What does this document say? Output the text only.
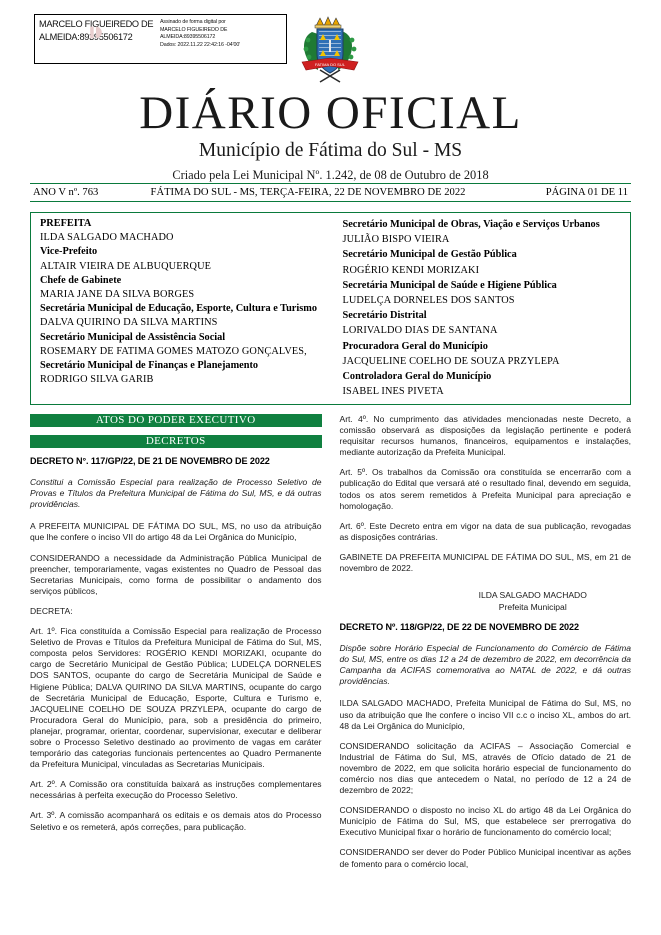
MARCELO FIGUEIREDO DE ALMEIDA:89395506172
Assinado de forma digital por
MARCELO FIGUEIREDO DE
ALMEIDA:89395506172
Dados: 2022.11.22 22:42:16 -04'00'
⁍
FATIMA DO SUL
DIÁRIO OFICIAL
Município de Fátima do Sul - MS
Criado pela Lei Municipal Nº. 1.242, de 08 de Outubro de 2018
ANO V nº. 763	FÁTIMA DO SUL - MS, TERÇA-FEIRA, 22 DE NOVEMBRO DE 2022	PÁGINA 01 DE 11
PREFEITA
ILDA SALGADO MACHADO
Vice-Prefeito
ALTAIR VIEIRA DE ALBUQUERQUE
Chefe de Gabinete
MARIA JANE DA SILVA BORGES
Secretária Municipal de Educação, Esporte, Cultura e Turismo
DALVA QUIRINO DA SILVA MARTINS
Secretário Municipal de Assistência Social
ROSEMARY DE FATIMA GOMES MATOZO GONÇALVES,
Secretário Municipal de Finanças e Planejamento
RODRIGO SILVA GARIB
Secretário Municipal de Obras, Viação e Serviços Urbanos
JULIÃO BISPO VIEIRA
Secretário Municipal de Gestão Pública
ROGÉRIO KENDI MORIZAKI
Secretária Municipal de Saúde e Higiene Pública
LUDELÇA DORNELES DOS SANTOS
Secretário Distrital
LORIVALDO DIAS DE SANTANA
Procuradora Geral do Município
JACQUELINE COELHO DE SOUZA PRZYLEPA
Controladora Geral do Município
ISABEL INES PIVETA
ATOS DO PODER EXECUTIVO
DECRETOS

DECRETO N°. 117/GP/22, DE 21 DE NOVEMBRO DE 2022

Constitui a Comissão Especial para realização de Processo Seletivo de Provas e Títulos da Prefeitura Municipal de Fátima do Sul, MS, e dá outras providências.

A PREFEITA MUNICIPAL DE FÁTIMA DO SUL, MS, no uso da atribuição que lhe confere o inciso VII do artigo 48 da Lei Orgânica do Município,

CONSIDERANDO a necessidade da Administração Pública Municipal de preencher, temporariamente, vagas existentes no Quadro de Pessoal das Secretarias Municipais, como forma de possibilitar o andamento dos serviços públicos,

DECRETA:

Art. 1º. Fica constituída a Comissão Especial para realização de Processo Seletivo de Provas e Títulos da Prefeitura Municipal de Fátima do Sul, MS, composta pelos Servidores: ROGÉRIO KENDI MORIZAKI, ocupante do cargo de Secretário Municipal de Gestão Pública; LUDELÇA DORNELES DOS SANTOS, ocupante do cargo de Secretária Municipal de Saúde e Higiene Pública; DALVA QUIRINO DA SILVA MARTINS, ocupante do cargo de Secretária Municipal de Educação, Esporte, Cultura e Turismo e, JACQUELINE COELHO DE SOUZA PRZYLEPA, ocupante do cargo de Procuradora Geral do Município, para, sob a presidência do primeiro, planejar, programar, orientar, coordenar, supervisionar, executar e deliberar sobre o Processo Seletivo destinado ao provimento de vagas em caráter temporário das categorias funcionais pertencentes ao Quadro Permanente da Prefeitura Municipal, vinculadas as Secretarias Municipais.

Art. 2º. A Comissão ora constituída baixará as instruções complementares necessárias à perfeita execução do Processo Seletivo.

Art. 3º. A comissão acompanhará os editais e os demais atos do Processo Seletivo e os remeterá, após correções, para publicação.

Art. 4º. No cumprimento das atividades mencionadas neste Decreto, a comissão observará as disposições da legislação pertinente e poderá requisitar recursos humanos, financeiros, equipamentos e instalações, mediante autorização da Prefeita Municipal.

Art. 5º. Os trabalhos da Comissão ora constituída se encerrarão com a publicação do Edital que versará até o resultado final, devendo em seguida, todos os atos serem remetidos à Prefeita Municipal para apreciação e homologação.

Art. 6º. Este Decreto entra em vigor na data de sua publicação, revogadas as disposições contrárias.

GABINETE DA PREFEITA MUNICIPAL DE FÁTIMA DO SUL, MS, em 21 de novembro de 2022.

ILDA SALGADO MACHADO
Prefeita Municipal

DECRETO Nº. 118/GP/22, DE 22 DE NOVEMBRO DE 2022

Dispõe sobre Horário Especial de Funcionamento do Comércio de Fátima do Sul, MS, entre os dias 12 a 24 de dezembro de 2022, em decorrência da Campanha da ACIFAS comemorativa ao NATAL de 2022, e dá outras providências.

ILDA SALGADO MACHADO, Prefeita Municipal de Fátima do Sul, MS, no uso da atribuição que lhe confere o inciso VII c.c o inciso XL, ambos do art. 48 da Lei Orgânica do Município,

CONSIDERANDO solicitação da ACIFAS – Associação Comercial e Industrial de Fátima do Sul, MS, através de Ofício datado de 21 de novembro de 2022, em que solicita horário especial de funcionamento do comércio nos dias que antecedem o Natal, no período de 12 a 24 de dezembro de 2022;

CONSIDERANDO o disposto no inciso XL do artigo 48 da Lei Orgânica do Município de Fátima do Sul, MS, que estabelece ser prerrogativa do Executivo Municipal fixar o horário de funcionamento do comércio local;

CONSIDERANDO ser dever do Poder Público Municipal incentivar as ações de fomento para o comércio local,
